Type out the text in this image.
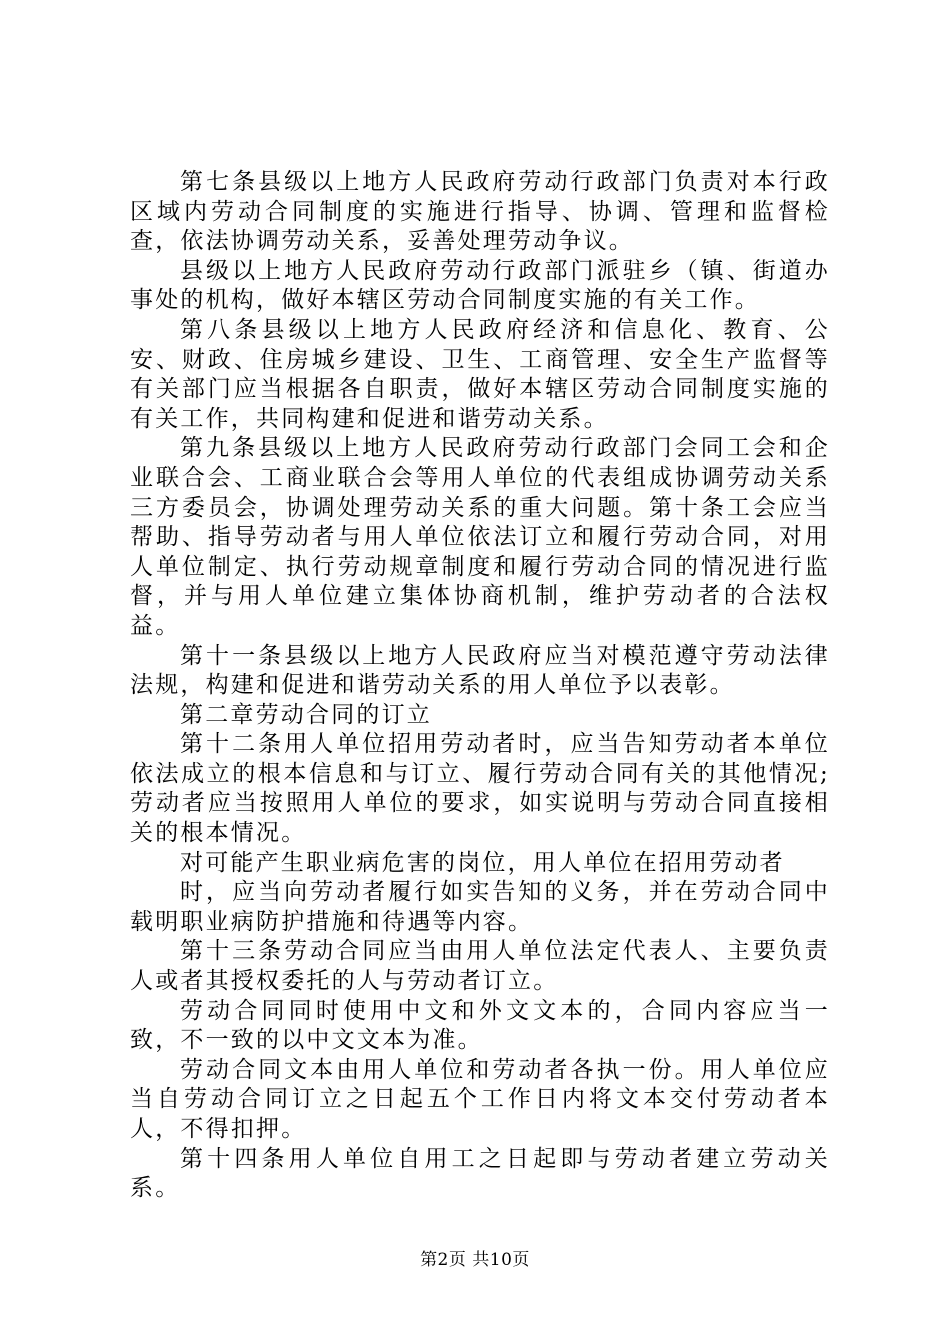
第七条县级以上地方人民政府劳动行政部门负责对本行政区域内劳动合同制度的实施进行指导、协调、管理和监督检查，依法协调劳动关系，妥善处理劳动争议。

县级以上地方人民政府劳动行政部门派驻乡（镇、街道办事处的机构，做好本辖区劳动合同制度实施的有关工作。

第八条县级以上地方人民政府经济和信息化、教育、公安、财政、住房城乡建设、卫生、工商管理、安全生产监督等有关部门应当根据各自职责，做好本辖区劳动合同制度实施的有关工作，共同构建和促进和谐劳动关系。

第九条县级以上地方人民政府劳动行政部门会同工会和企业联合会、工商业联合会等用人单位的代表组成协调劳动关系三方委员会，协调处理劳动关系的重大问题。第十条工会应当帮助、指导劳动者与用人单位依法订立和履行劳动合同，对用人单位制定、执行劳动规章制度和履行劳动合同的情况进行监督，并与用人单位建立集体协商机制，维护劳动者的合法权益。

第十一条县级以上地方人民政府应当对模范遵守劳动法律法规，构建和促进和谐劳动关系的用人单位予以表彰。

第二章劳动合同的订立

第十二条用人单位招用劳动者时，应当告知劳动者本单位依法成立的根本信息和与订立、履行劳动合同有关的其他情况;劳动者应当按照用人单位的要求，如实说明与劳动合同直接相关的根本情况。

对可能产生职业病危害的岗位，用人单位在招用劳动者

时，应当向劳动者履行如实告知的义务，并在劳动合同中载明职业病防护措施和待遇等内容。

第十三条劳动合同应当由用人单位法定代表人、主要负责人或者其授权委托的人与劳动者订立。

劳动合同同时使用中文和外文文本的，合同内容应当一致，不一致的以中文文本为准。

劳动合同文本由用人单位和劳动者各执一份。用人单位应当自劳动合同订立之日起五个工作日内将文本交付劳动者本人，不得扣押。

第十四条用人单位自用工之日起即与劳动者建立劳动关系。

第2页 共10页
